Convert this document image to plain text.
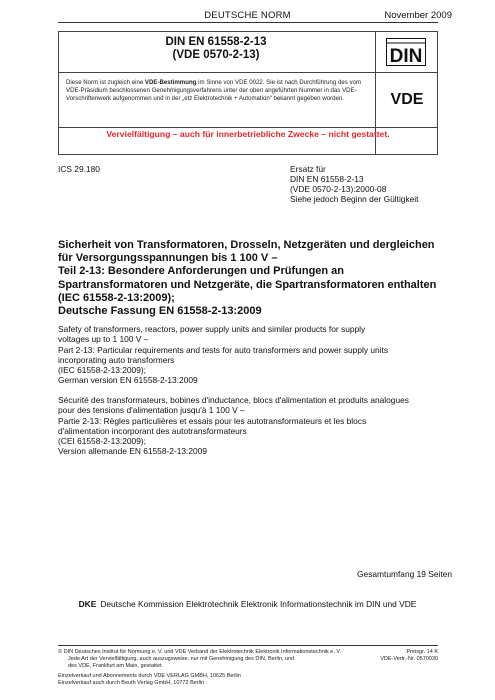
DEUTSCHE NORM	November 2009
DIN EN 61558-2-13
(VDE 0570-2-13)
Diese Norm ist zugleich eine VDE-Bestimmung im Sinne von VDE 0022. Sie ist nach Durchführung des vom VDE-Präsidium beschlossenen Genehmigungsverfahrens unter der oben angeführten Nummer in das VDE-Vorschriftenwerk aufgenommen und in der „etz Elektrotechnik + Automation“ bekannt gegeben worden.
Vervielfältigung – auch für innerbetriebliche Zwecke – nicht gestattet.
DIN
VDE
ICS 29.180	Ersatz für
DIN EN 61558-2-13
(VDE 0570-2-13):2000-08
Siehe jedoch Beginn der Gültigkeit
Sicherheit von Transformatoren, Drosseln, Netzgeräten und dergleichen
für Versorgungsspannungen bis 1 100 V –
Teil 2-13: Besondere Anforderungen und Prüfungen an
Spartransformatoren und Netzgeräte, die Spartransformatoren enthalten
(IEC 61558-2-13:2009);
Deutsche Fassung EN 61558-2-13:2009
Safety of transformers, reactors, power supply units and similar products for supply
voltages up to 1 100 V –
Part 2-13: Particular requirements and tests for auto transformers and power supply units
incorporating auto transformers
(IEC 61558-2-13:2009);
German version EN 61558-2-13:2009
Sécurité des transformateurs, bobines d'inductance, blocs d'alimentation et produits analogues
pour des tensions d'alimentation jusqu'à 1 100 V –
Partie 2-13: Règles particulières et essais pour les autotransformateurs et les blocs
d'alimentation incorporant des autotransformateurs
(CEI 61558-2-13:2009);
Version allemande EN 61558-2-13:2009
Gesamtumfang 19 Seiten
DKE Deutsche Kommission Elektrotechnik Elektronik Informationstechnik im DIN und VDE
© DIN Deutsches Institut für Normung e. V. und VDE Verband der Elektrotechnik Elektronik Informationstechnik e. V.
Jede Art der Vervielfältigung, auch auszugsweise, nur mit Genehmigung des DIN, Berlin, und
des VDE, Frankfurt am Main, gestattet.
Preisgr. 14 K
VDE-Vertr.-Nr. 0570030
Einzelverkauf und Abonnements durch VDE VERLAG GMBH, 10625 Berlin
Einzelverkauf auch durch Beuth Verlag GmbH, 10772 Berlin
